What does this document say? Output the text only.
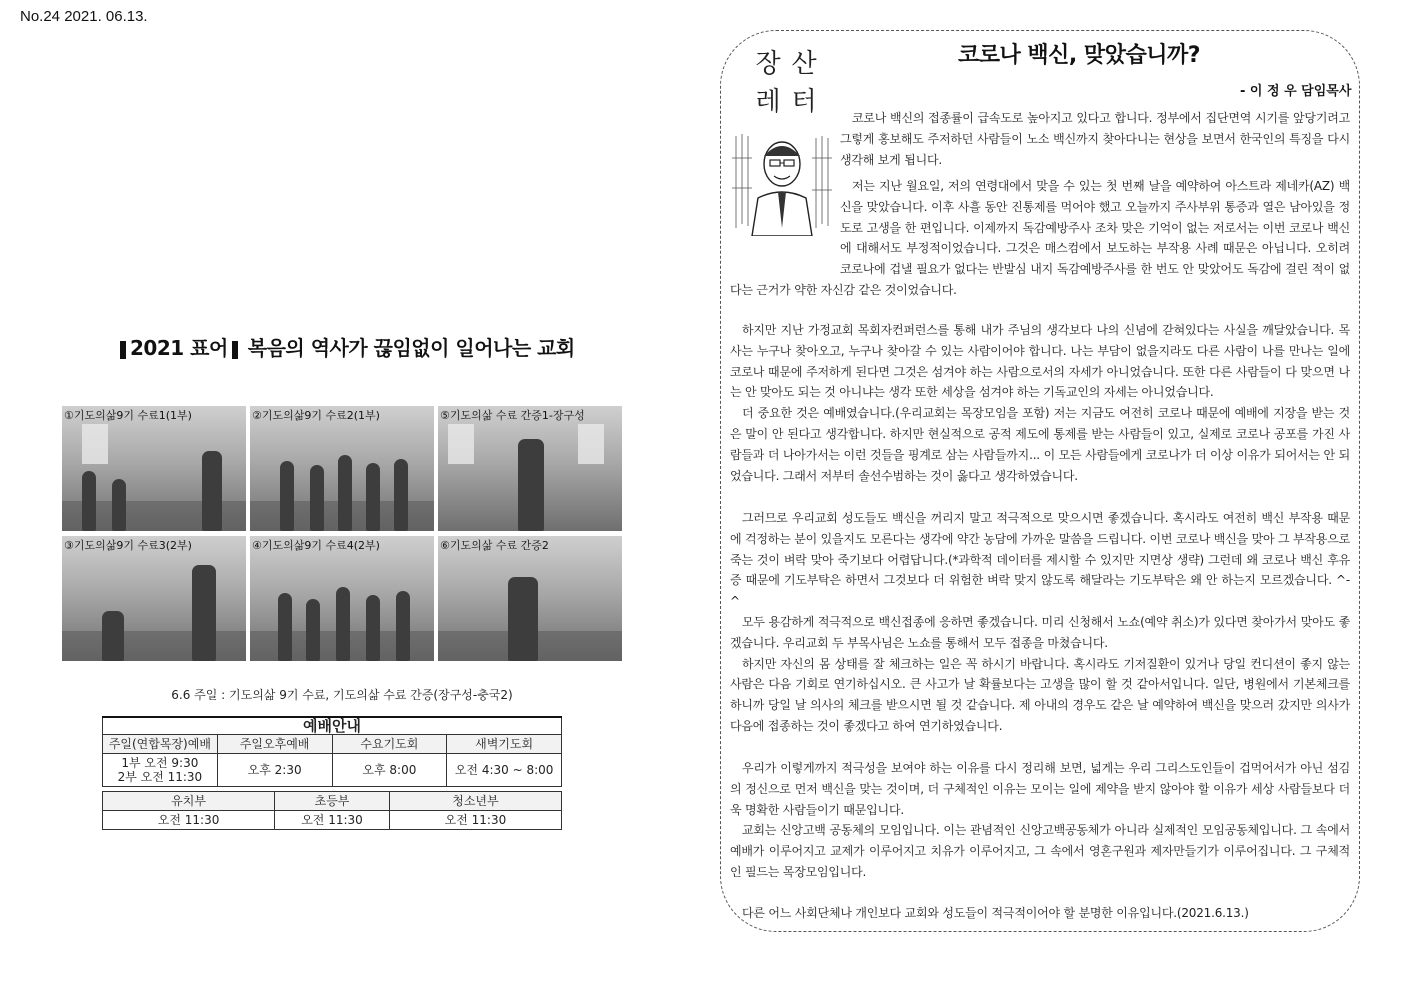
No.24 2021. 06.13.
2021 표어 복음의 역사가 끊임없이 일어나는 교회
①기도의삶9기 수료1(1부)	②기도의삶9기 수료2(1부)	⑤기도의삶 수료 간증1-장구성
③기도의삶9기 수료3(2부)	④기도의삶9기 수료4(2부)	⑥기도의삶 수료 간증2
6.6 주일 : 기도의삶 9기 수료, 기도의삶 수료 간증(장구성-충국2)
예배안내					
주일(연합목장)예배	주일오후예배		수요기도회		새벽기도회

1부 오전 9:30
2부 오전 11:30	오후 2:30		오후 8:00		오전 4:30 ~ 8:00

유치부		초등부		청소년부	
오전 11:30		오전 11:30		오전 11:30	
장 산
레 터
코로나 백신, 맞았습니까?
- 이 정 우 담임목사

코로나 백신의 접종률이 급속도로 높아지고 있다고 합니다. 정부에서 집단면역 시기를 앞당기려고 그렇게 홍보해도 주저하던 사람들이 노소 백신까지 찾아다니는 현상을 보면서 한국인의 특징을 다시 생각해 보게 됩니다.

저는 지난 월요일, 저의 연령대에서 맞을 수 있는 첫 번째 날을 예약하여 아스트라 제네카(AZ) 백신을 맞았습니다. 이후 사흘 동안 진통제를 먹어야 했고 오늘까지 주사부위 통증과 열은 남아있을 정도로 고생을 한 편입니다. 이제까지 독감예방주사 조차 맞은 기억이 없는 저로서는 이번 코로나 백신에 대해서도 부정적이었습니다. 그것은 매스컴에서 보도하는 부작용 사례 때문은 아닙니다. 오히려 코로나에 겁낼 필요가 없다는 반발심 내지 독감예방주사를 한 번도 안 맞았어도 독감에 걸린 적이 없다는 근거가 약한 자신감 같은 것이었습니다.

하지만 지난 가정교회 목회자컨퍼런스를 통해 내가 주님의 생각보다 나의 신념에 갇혀있다는 사실을 깨달았습니다. 목사는 누구나 찾아오고, 누구나 찾아갈 수 있는 사람이어야 합니다. 나는 부담이 없을지라도 다른 사람이 나를 만나는 일에 코로나 때문에 주저하게 된다면 그것은 섬겨야 하는 사람으로서의 자세가 아니었습니다. 또한 다른 사람들이 다 맞으면 나는 안 맞아도 되는 것 아니냐는 생각 또한 세상을 섬겨야 하는 기독교인의 자세는 아니었습니다.

더 중요한 것은 예배였습니다.(우리교회는 목장모임을 포함) 저는 지금도 여전히 코로나 때문에 예배에 지장을 받는 것은 말이 안 된다고 생각합니다. 하지만 현실적으로 공적 제도에 통제를 받는 사람들이 있고, 실제로 코로나 공포를 가진 사람들과 더 나아가서는 이런 것들을 핑계로 삼는 사람들까지... 이 모든 사람들에게 코로나가 더 이상 이유가 되어서는 안 되었습니다. 그래서 저부터 솔선수범하는 것이 옳다고 생각하였습니다.

그러므로 우리교회 성도들도 백신을 꺼리지 말고 적극적으로 맞으시면 좋겠습니다. 혹시라도 여전히 백신 부작용 때문에 걱정하는 분이 있을지도 모른다는 생각에 약간 농담에 가까운 말씀을 드립니다. 이번 코로나 백신을 맞아 그 부작용으로 죽는 것이 벼락 맞아 죽기보다 어렵답니다.(*과학적 데이터를 제시할 수 있지만 지면상 생략) 그런데 왜 코로나 백신 후유증 때문에 기도부탁은 하면서 그것보다 더 위험한 벼락 맞지 않도록 해달라는 기도부탁은 왜 안 하는지 모르겠습니다. ^-^

모두 용감하게 적극적으로 백신접종에 응하면 좋겠습니다. 미리 신청해서 노쇼(예약 취소)가 있다면 찾아가서 맞아도 좋겠습니다. 우리교회 두 부목사님은 노쇼를 통해서 모두 접종을 마쳤습니다.

하지만 자신의 몸 상태를 잘 체크하는 일은 꼭 하시기 바랍니다. 혹시라도 기저질환이 있거나 당일 컨디션이 좋지 않는 사람은 다음 기회로 연기하십시오. 큰 사고가 날 확률보다는 고생을 많이 할 것 같아서입니다. 일단, 병원에서 기본체크를 하니까 당일 날 의사의 체크를 받으시면 될 것 같습니다. 제 아내의 경우도 같은 날 예약하여 백신을 맞으러 갔지만 의사가 다음에 접종하는 것이 좋겠다고 하여 연기하였습니다.

우리가 이렇게까지 적극성을 보여야 하는 이유를 다시 정리해 보면, 넓게는 우리 그리스도인들이 겁먹어서가 아닌 섬김의 정신으로 먼저 백신을 맞는 것이며, 더 구체적인 이유는 모이는 일에 제약을 받지 않아야 할 이유가 세상 사람들보다 더욱 명확한 사람들이기 때문입니다.

교회는 신앙고백 공동체의 모임입니다. 이는 관념적인 신앙고백공동체가 아니라 실제적인 모임공동체입니다. 그 속에서 예배가 이루어지고 교제가 이루어지고 치유가 이루어지고, 그 속에서 영혼구원과 제자만들기가 이루어집니다. 그 구체적인 필드는 목장모임입니다.

다른 어느 사회단체나 개인보다 교회와 성도들이 적극적이어야 할 분명한 이유입니다.(2021.6.13.)
